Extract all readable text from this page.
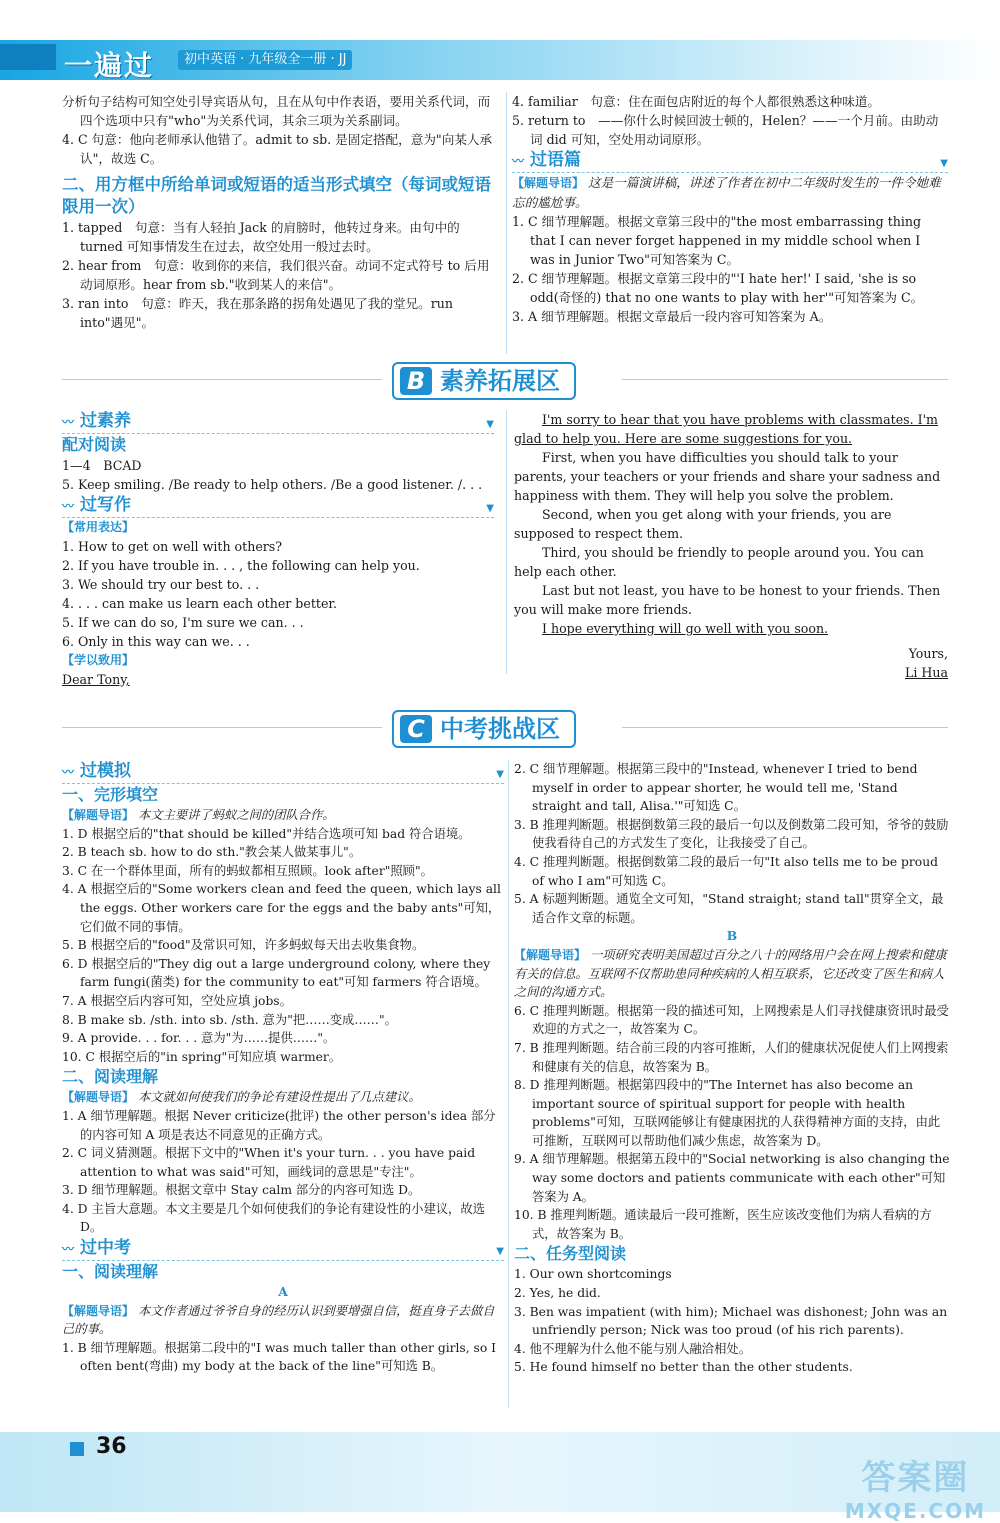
一遍过	初中英语 · 九年级全一册 · JJ

分析句子结构可知空处引导宾语从句，且在从句中作表语，要用关系代词，而四个选项中只有"who"为关系代词，其余三项为关系副词。

4. C 句意：他向老师承认他错了。admit to sb. 是固定搭配，意为"向某人承认"，故选 C。

二、用方框中所给单词或短语的适当形式填空（每词或短语限用一次）

1. tapped　句意：当有人轻拍 Jack 的肩膀时，他转过身来。由句中的 turned 可知事情发生在过去，故空处用一般过去时。

2. hear from　句意：收到你的来信，我们很兴奋。动词不定式符号 to 后用动词原形。hear from sb."收到某人的来信"。

3. ran into　句意：昨天，我在那条路的拐角处遇见了我的堂兄。run into"遇见"。

4. familiar　句意：住在面包店附近的每个人都很熟悉这种味道。

5. return to　——你什么时候回波士顿的，Helen？——一个月前。由助动词 did 可知，空处用动词原形。

〰 过语篇	▼

【解题导语】 这是一篇演讲稿，讲述了作者在初中二年级时发生的一件令她难忘的尴尬事。

1. C 细节理解题。根据文章第三段中的"the most embarrassing thing that I can never forget happened in my middle school when I was in Junior Two"可知答案为 C。

2. C 细节理解题。根据文章第三段中的"'I hate her!' I said, 'she is so odd(奇怪的) that no one wants to play with her'"可知答案为 C。

3. A 细节理解题。根据文章最后一段内容可知答案为 A。

B 素养拓展区

〰 过素养	▼

配对阅读

1—4　BCAD

5. Keep smiling. /Be ready to help others. /Be a good listener. /. . .

〰 过写作	▼

【常用表达】

1. How to get on well with others?

2. If you have trouble in. . . , the following can help you.

3. We should try our best to. . .

4. . . . can make us learn each other better.

5. If we can do so, I'm sure we can. . .

6. Only in this way can we. . .

【学以致用】

Dear Tony,

I'm sorry to hear that you have problems with classmates. I'm glad to help you. Here are some suggestions for you.

First, when you have difficulties you should talk to your parents, your teachers or your friends and share your sadness and happiness with them. They will help you solve the problem.

Second, when you get along with your friends, you are supposed to respect them.

Third, you should be friendly to people around you. You can help each other.

Last but not least, you have to be honest to your friends. Then you will make more friends.

I hope everything will go well with you soon.

Yours,

Li Hua

C 中考挑战区

〰 过模拟	▼

一、完形填空

【解题导语】 本文主要讲了蚂蚁之间的团队合作。

1. D 根据空后的"that should be killed"并结合选项可知 bad 符合语境。

2. B teach sb. how to do sth."教会某人做某事儿"。

3. C 在一个群体里面，所有的蚂蚁都相互照顾。look after"照顾"。

4. A 根据空后的"Some workers clean and feed the queen, which lays all the eggs. Other workers care for the eggs and the baby ants"可知，它们做不同的事情。

5. B 根据空后的"food"及常识可知，许多蚂蚁每天出去收集食物。

6. D 根据空后的"They dig out a large underground colony, where they farm fungi(菌类) for the community to eat"可知 farmers 符合语境。

7. A 根据空后内容可知，空处应填 jobs。

8. B make sb. /sth. into sb. /sth. 意为"把……变成……"。

9. A provide. . . for. . . 意为"为……提供……"。

10. C 根据空后的"in spring"可知应填 warmer。

二、阅读理解

【解题导语】 本文就如何使我们的争论有建设性提出了几点建议。

1. A 细节理解题。根据 Never criticize(批评) the other person's idea 部分的内容可知 A 项是表达不同意见的正确方式。

2. C 词义猜测题。根据下文中的"When it's your turn. . . you have paid attention to what was said"可知，画线词的意思是"专注"。

3. D 细节理解题。根据文章中 Stay calm 部分的内容可知选 D。

4. D 主旨大意题。本文主要是几个如何使我们的争论有建设性的小建议，故选 D。

〰 过中考	▼

一、阅读理解

A

【解题导语】 本文作者通过爷爷自身的经历认识到要增强自信，挺直身子去做自己的事。

1. B 细节理解题。根据第二段中的"I was much taller than other girls, so I often bent(弯曲) my body at the back of the line"可知选 B。

2. C 细节理解题。根据第三段中的"Instead, whenever I tried to bend myself in order to appear shorter, he would tell me, 'Stand straight and tall, Alisa.'"可知选 C。

3. B 推理判断题。根据倒数第三段的最后一句以及倒数第二段可知，爷爷的鼓励使我看待自己的方式发生了变化，让我接受了自己。

4. C 推理判断题。根据倒数第二段的最后一句"It also tells me to be proud of who I am"可知选 C。

5. A 标题判断题。通览全文可知，"Stand straight; stand tall"贯穿全文，最适合作文章的标题。

B

【解题导语】 一项研究表明美国超过百分之八十的网络用户会在网上搜索和健康有关的信息。互联网不仅帮助患同种疾病的人相互联系，它还改变了医生和病人之间的沟通方式。

6. C 推理判断题。根据第一段的描述可知，上网搜索是人们寻找健康资讯时最受欢迎的方式之一，故答案为 C。

7. B 推理判断题。结合前三段的内容可推断，人们的健康状况促使人们上网搜索和健康有关的信息，故答案为 B。

8. D 推理判断题。根据第四段中的"The Internet has also become an important source of spiritual support for people with health problems"可知，互联网能够让有健康困扰的人获得精神方面的支持，由此可推断，互联网可以帮助他们减少焦虑，故答案为 D。

9. A 细节理解题。根据第五段中的"Social networking is also changing the way some doctors and patients communicate with each other"可知答案为 A。

10. B 推理判断题。通读最后一段可推断，医生应该改变他们为病人看病的方式，故答案为 B。

二、任务型阅读

1. Our own shortcomings

2. Yes, he did.

3. Ben was impatient (with him); Michael was dishonest; John was an unfriendly person; Nick was too proud (of his rich parents).

4. 他不理解为什么他不能与别人融洽相处。

5. He found himself no better than the other students.

36
答案圈
MXQE.COM
